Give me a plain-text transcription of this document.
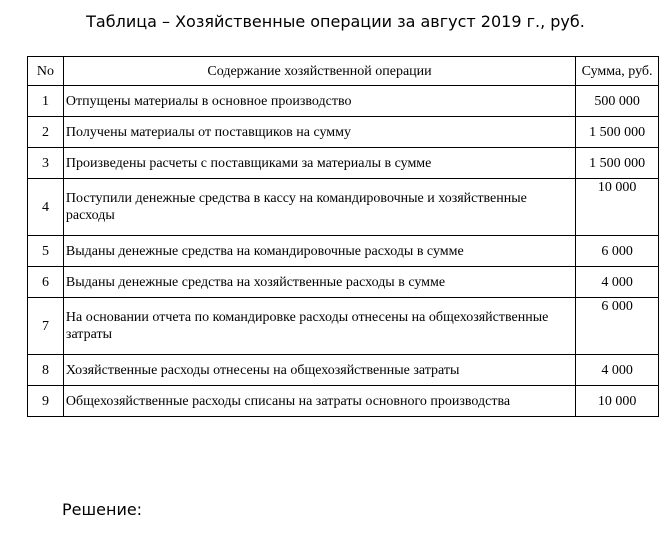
Таблица – Хозяйственные операции за август 2019 г., руб.
No	Содержание хозяйственной операции	Сумма, руб.
1	Отпущены материалы в основное производство	500 000
2	Получены материалы от поставщиков на сумму	1 500 000
3	Произведены расчеты с поставщиками за материалы в сумме	1 500 000
4	Поступили денежные средства в кассу на командировочные и хозяйственные расходы	10 000
5	Выданы денежные средства на командировочные расходы в сумме	6 000
6	Выданы денежные средства на хозяйственные расходы в сумме	4 000
7	На основании отчета по командировке расходы отнесены на общехозяйственные затраты	6 000
8	Хозяйственные расходы отнесены на общехозяйственные затраты	4 000
9	Общехозяйственные расходы списаны на затраты основного производства	10 000
Решение:
